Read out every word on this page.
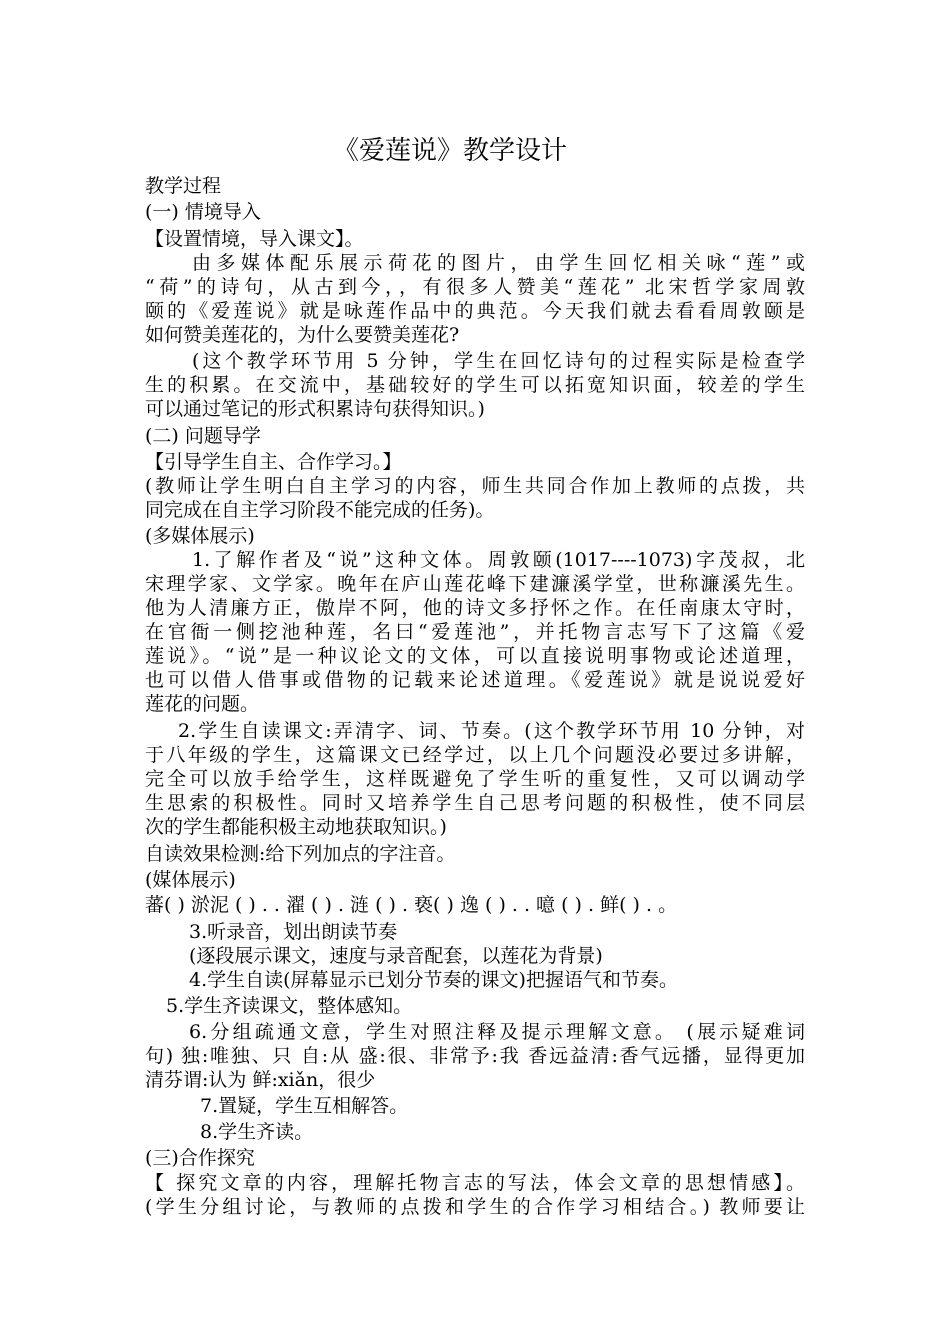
《爱莲说》教学设计
教学过程
(一) 情境导入
【设置情境，导入课文】。
由多媒体配乐展示荷花的图片，由学生回忆相关咏“莲”或
“荷”的诗句，从古到今，，有很多人赞美“莲花” 北宋哲学家周敦
颐的《爱莲说》就是咏莲作品中的典范。今天我们就去看看周敦颐是
如何赞美莲花的，为什么要赞美莲花?
(这个教学环节用 5 分钟，学生在回忆诗句的过程实际是检查学
生的积累。在交流中，基础较好的学生可以拓宽知识面，较差的学生
可以通过笔记的形式积累诗句获得知识。)
(二) 问题导学
【引导学生自主、合作学习。】
(教师让学生明白自主学习的内容，师生共同合作加上教师的点拨，共
同完成在自主学习阶段不能完成的任务)。
(多媒体展示)
1.了解作者及“说”这种文体。周敦颐(1017----1073)字茂叔，北
宋理学家、文学家。晚年在庐山莲花峰下建濂溪学堂，世称濂溪先生。
他为人清廉方正，傲岸不阿，他的诗文多抒怀之作。在任南康太守时，
在官衙一侧挖池种莲，名曰“爱莲池”，并托物言志写下了这篇《爱
莲说》。“说”是一种议论文的文体，可以直接说明事物或论述道理，
也可以借人借事或借物的记载来论述道理。《爱莲说》就是说说爱好
莲花的问题。
2.学生自读课文:弄清字、词、节奏。(这个教学环节用 10 分钟，对
于八年级的学生，这篇课文已经学过，以上几个问题没必要过多讲解，
完全可以放手给学生，这样既避免了学生听的重复性，又可以调动学
生思索的积极性。同时又培养学生自己思考问题的积极性，使不同层
次的学生都能积极主动地获取知识。)
自读效果检测:给下列加点的字注音。
(媒体展示)
蕃( ) 淤泥 ( ) . . 濯 ( ) . 涟 ( ) . 亵( ) 逸 ( ) . . 噫 ( ) . 鲜( ) . 。
3.听录音，划出朗读节奏
(逐段展示课文，速度与录音配套，以莲花为背景)
4.学生自读(屏幕显示已划分节奏的课文)把握语气和节奏。
5.学生齐读课文，整体感知。
6.分组疏通文意，学生对照注释及提示理解文意。 (展示疑难词
句) 独:唯独、只 自:从 盛:很、非常予:我 香远益清:香气远播，显得更加
清芬谓:认为 鲜:xiǎn，很少
7.置疑，学生互相解答。
8.学生齐读。
(三)合作探究
【 探究文章的内容，理解托物言志的写法，体会文章的思想情感】。
(学生分组讨论，与教师的点拨和学生的合作学习相结合。) 教师要让
